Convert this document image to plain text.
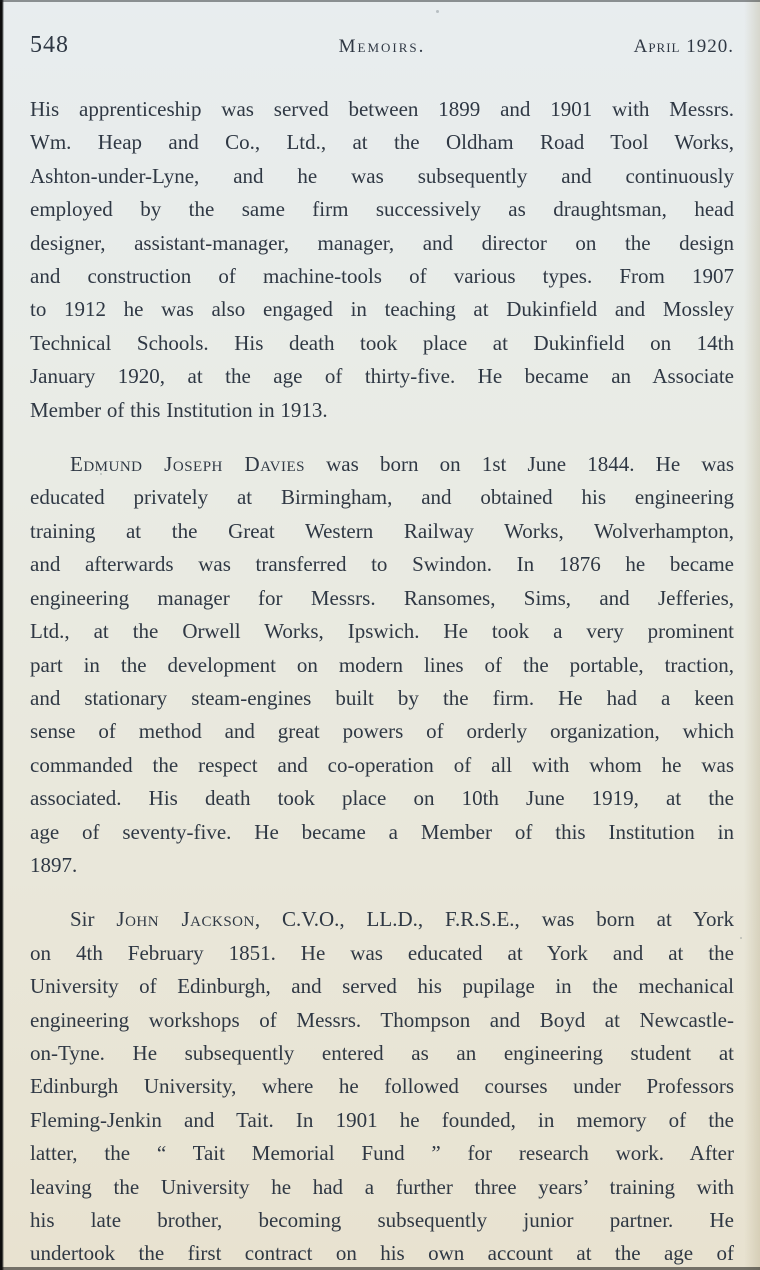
548	Memoirs.	April 1920.
His apprenticeship was served between 1899 and 1901 with Messrs.
Wm. Heap and Co., Ltd., at the Oldham Road Tool Works,
Ashton-under-Lyne, and he was subsequently and continuously
employed by the same firm successively as draughtsman, head
designer, assistant-manager, manager, and director on the design
and construction of machine-tools of various types. From 1907
to 1912 he was also engaged in teaching at Dukinfield and Mossley
Technical Schools. His death took place at Dukinfield on 14th
January 1920, at the age of thirty-five. He became an Associate
Member of this Institution in 1913.
Edmund Joseph Davies was born on 1st June 1844. He was
educated privately at Birmingham, and obtained his engineering
training at the Great Western Railway Works, Wolverhampton,
and afterwards was transferred to Swindon. In 1876 he became
engineering manager for Messrs. Ransomes, Sims, and Jefferies,
Ltd., at the Orwell Works, Ipswich. He took a very prominent
part in the development on modern lines of the portable, traction,
and stationary steam-engines built by the firm. He had a keen
sense of method and great powers of orderly organization, which
commanded the respect and co-operation of all with whom he was
associated. His death took place on 10th June 1919, at the
age of seventy-five. He became a Member of this Institution in
1897.
Sir John Jackson, C.V.O., LL.D., F.R.S.E., was born at York
on 4th February 1851. He was educated at York and at the
University of Edinburgh, and served his pupilage in the mechanical
engineering workshops of Messrs. Thompson and Boyd at Newcastle-
on-Tyne. He subsequently entered as an engineering student at
Edinburgh University, where he followed courses under Professors
Fleming-Jenkin and Tait. In 1901 he founded, in memory of the
latter, the “ Tait Memorial Fund ” for research work. After
leaving the University he had a further three years’ training with
his late brother, becoming subsequently junior partner. He
undertook the first contract on his own account at the age of
